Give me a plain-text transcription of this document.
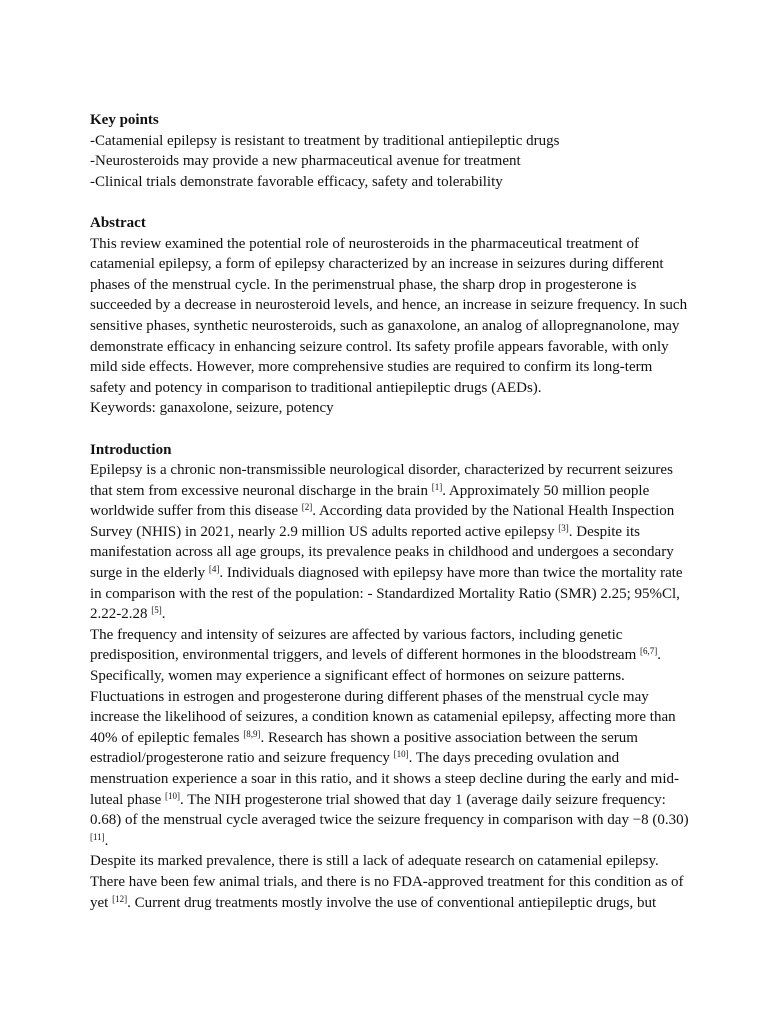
Key points

-Catamenial epilepsy is resistant to treatment by traditional antiepileptic drugs

-Neurosteroids may provide a new pharmaceutical avenue for treatment

-Clinical trials demonstrate favorable efficacy, safety and tolerability

Abstract

This review examined the potential role of neurosteroids in the pharmaceutical treatment of catamenial epilepsy, a form of epilepsy characterized by an increase in seizures during different phases of the menstrual cycle. In the perimenstrual phase, the sharp drop in progesterone is succeeded by a decrease in neurosteroid levels, and hence, an increase in seizure frequency. In such sensitive phases, synthetic neurosteroids, such as ganaxolone, an analog of allopregnanolone, may demonstrate efficacy in enhancing seizure control. Its safety profile appears favorable, with only mild side effects. However, more comprehensive studies are required to confirm its long-term safety and potency in comparison to traditional antiepileptic drugs (AEDs).

Keywords: ganaxolone, seizure, potency

Introduction

Epilepsy is a chronic non-transmissible neurological disorder, characterized by recurrent seizures that stem from excessive neuronal discharge in the brain [1]. Approximately 50 million people worldwide suffer from this disease [2]. According data provided by the National Health Inspection Survey (NHIS) in 2021, nearly 2.9 million US adults reported active epilepsy [3]. Despite its manifestation across all age groups, its prevalence peaks in childhood and undergoes a secondary surge in the elderly [4]. Individuals diagnosed with epilepsy have more than twice the mortality rate in comparison with the rest of the population: - Standardized Mortality Ratio (SMR) 2.25; 95%Cl, 2.22-2.28 [5].

The frequency and intensity of seizures are affected by various factors, including genetic predisposition, environmental triggers, and levels of different hormones in the bloodstream [6,7]. Specifically, women may experience a significant effect of hormones on seizure patterns. Fluctuations in estrogen and progesterone during different phases of the menstrual cycle may increase the likelihood of seizures, a condition known as catamenial epilepsy, affecting more than 40% of epileptic females [8,9]. Research has shown a positive association between the serum estradiol/progesterone ratio and seizure frequency [10]. The days preceding ovulation and menstruation experience a soar in this ratio, and it shows a steep decline during the early and mid-luteal phase [10]. The NIH progesterone trial showed that day 1 (average daily seizure frequency: 0.68) of the menstrual cycle averaged twice the seizure frequency in comparison with day −8 (0.30) [11].

Despite its marked prevalence, there is still a lack of adequate research on catamenial epilepsy. There have been few animal trials, and there is no FDA-approved treatment for this condition as of yet [12]. Current drug treatments mostly involve the use of conventional antiepileptic drugs, but
